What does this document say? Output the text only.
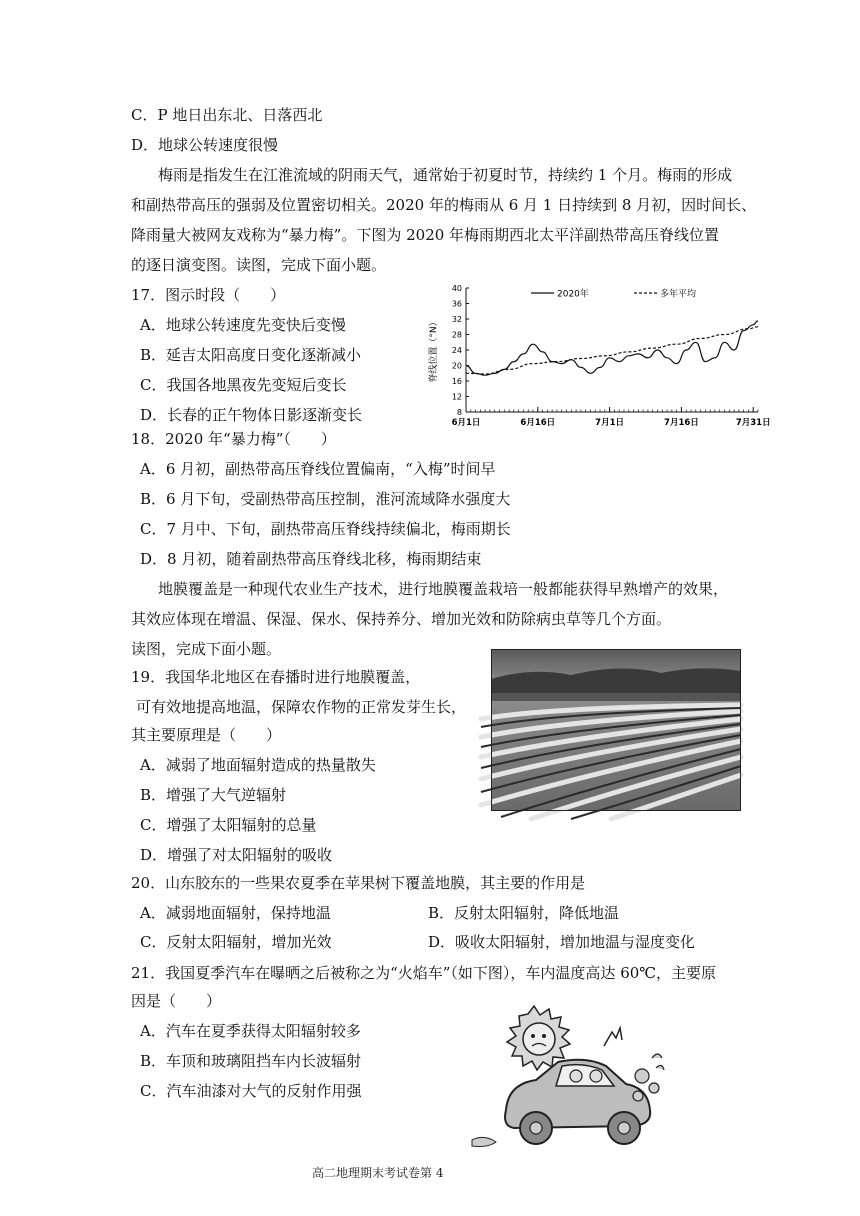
C．P 地日出东北、日落西北
D．地球公转速度很慢
梅雨是指发生在江淮流域的阴雨天气，通常始于初夏时节，持续约 1 个月。梅雨的形成
和副热带高压的强弱及位置密切相关。2020 年的梅雨从 6 月 1 日持续到 8 月初，因时间长、
降雨量大被网友戏称为“暴力梅”。下图为 2020 年梅雨期西北太平洋副热带高压脊线位置
的逐日演变图。读图，完成下面小题。
17．图示时段（　　）
A．地球公转速度先变快后变慢
B．延吉太阳高度日变化逐渐减小
C．我国各地黑夜先变短后变长
D．长春的正午物体日影逐渐变长	8
12
16
20
24
28
32
36
40
6月1日	6月16日	7月1日	7月16日	7月31日
脊线位置（°N）
2020年	多年平均
18．2020 年“暴力梅”（　　）
A．6 月初，副热带高压脊线位置偏南，“入梅”时间早
B．6 月下旬，受副热带高压控制，淮河流域降水强度大
C．7 月中、下旬，副热带高压脊线持续偏北，梅雨期长
D．8 月初，随着副热带高压脊线北移，梅雨期结束
地膜覆盖是一种现代农业生产技术，进行地膜覆盖栽培一般都能获得早熟增产的效果，
其效应体现在增温、保湿、保水、保持养分、增加光效和防除病虫草等几个方面。
读图，完成下面小题。
19．我国华北地区在春播时进行地膜覆盖，
可有效地提高地温，保障农作物的正常发芽生长，
其主要原理是（　　）
A．减弱了地面辐射造成的热量散失
B．增强了大气逆辐射
C．增强了太阳辐射的总量
D．增强了对太阳辐射的吸收
20．山东胶东的一些果农夏季在苹果树下覆盖地膜，其主要的作用是
A．减弱地面辐射，保持地温	B．反射太阳辐射，降低地温
C．反射太阳辐射，增加光效	D．吸收太阳辐射，增加地温与湿度变化
21．我国夏季汽车在曝晒之后被称之为“火焰车”（如下图），车内温度高达 60℃，主要原
因是（　　）
A．汽车在夏季获得太阳辐射较多
B．车顶和玻璃阻挡车内长波辐射
C．汽车油漆对大气的反射作用强
高二地理期末考试卷第 4
